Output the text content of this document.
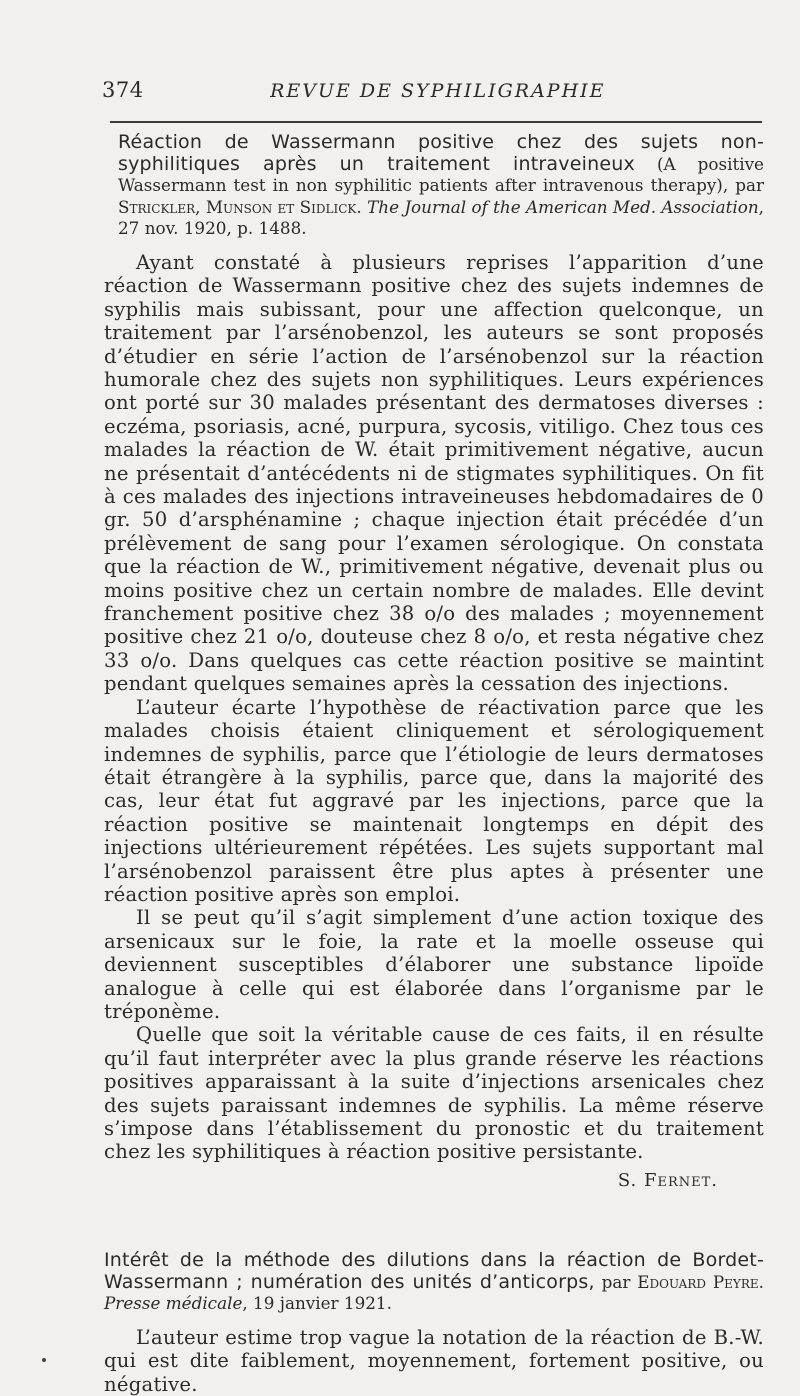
374	REVUE DE SYPHILIGRAPHIE
Réaction de Wassermann positive chez des sujets non-syphilitiques après un traitement intraveineux (A positive Wassermann test in non syphilitic patients after intravenous therapy), par Strickler, Munson et Sidlick. The Journal of the American Med. Association, 27 nov. 1920, p. 1488.

Ayant constaté à plusieurs reprises l’apparition d’une réaction de Wassermann positive chez des sujets indemnes de syphilis mais subissant, pour une affection quelconque, un traitement par l’arsénobenzol, les auteurs se sont proposés d’étudier en série l’action de l’arsénobenzol sur la réaction humorale chez des sujets non syphilitiques. Leurs expériences ont porté sur 30 malades présentant des dermatoses diverses : eczéma, psoriasis, acné, purpura, sycosis, vitiligo. Chez tous ces malades la réaction de W. était primitivement négative, aucun ne présentait d’antécédents ni de stigmates syphilitiques. On fit à ces malades des injections intraveineuses hebdomadaires de 0 gr. 50 d’arsphénamine ; chaque injection était précédée d’un prélèvement de sang pour l’examen sérologique. On constata que la réaction de W., primitivement négative, devenait plus ou moins positive chez un certain nombre de malades. Elle devint franchement positive chez 38 o/o des malades ; moyennement positive chez 21 o/o, douteuse chez 8 o/o, et resta négative chez 33 o/o. Dans quelques cas cette réaction positive se maintint pendant quelques semaines après la cessation des injections.

L’auteur écarte l’hypothèse de réactivation parce que les malades choisis étaient cliniquement et sérologiquement indemnes de syphilis, parce que l’étiologie de leurs dermatoses était étrangère à la syphilis, parce que, dans la majorité des cas, leur état fut aggravé par les injections, parce que la réaction positive se maintenait longtemps en dépit des injections ultérieurement répétées. Les sujets supportant mal l’arsénobenzol paraissent être plus aptes à présenter une réaction positive après son emploi.

Il se peut qu’il s’agit simplement d’une action toxique des arsenicaux sur le foie, la rate et la moelle osseuse qui deviennent susceptibles d’élaborer une substance lipoïde analogue à celle qui est élaborée dans l’organisme par le tréponème.

Quelle que soit la véritable cause de ces faits, il en résulte qu’il faut interpréter avec la plus grande réserve les réactions positives apparaissant à la suite d’injections arsenicales chez des sujets paraissant indemnes de syphilis. La même réserve s’impose dans l’établissement du pronostic et du traitement chez les syphilitiques à réaction positive persistante.

S. Fernet.
Intérêt de la méthode des dilutions dans la réaction de Bordet-Wassermann ; numération des unités d’anticorps, par Edouard Peyre. Presse médicale, 19 janvier 1921.

L’auteur estime trop vague la notation de la réaction de B.-W. qui est dite faiblement, moyennement, fortement positive, ou négative.
